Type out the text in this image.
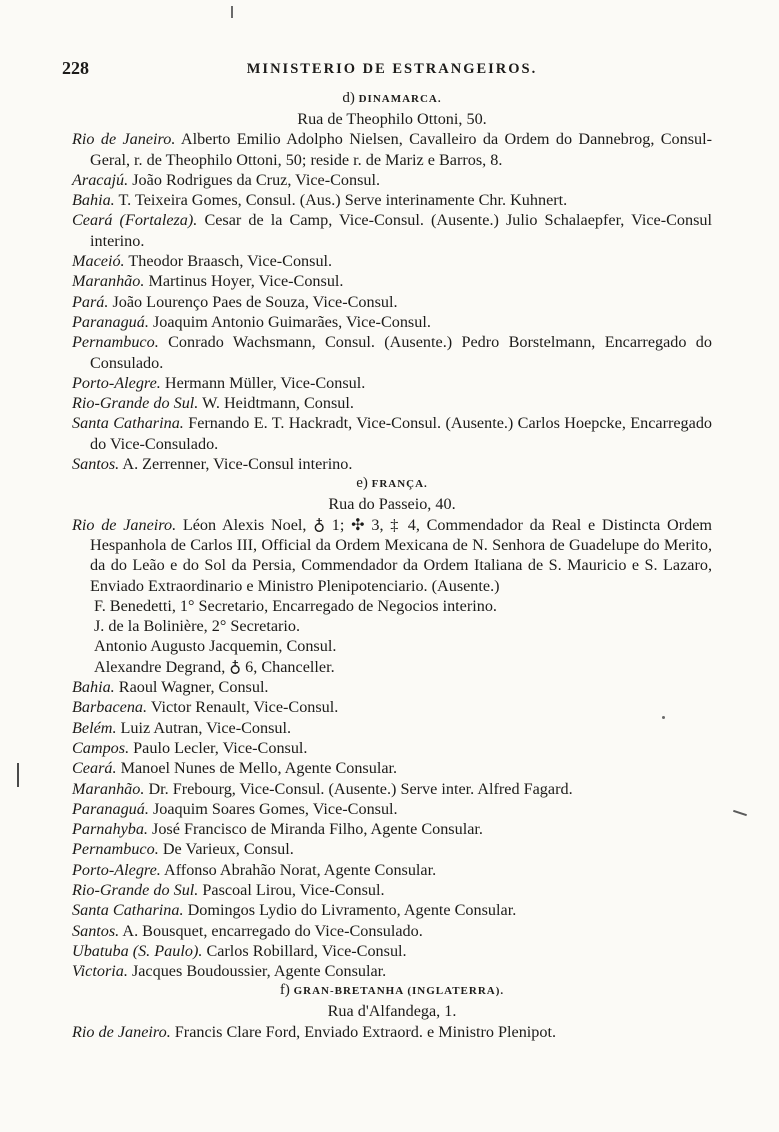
228	MINISTERIO DE ESTRANGEIROS.
d) DINAMARCA.
Rua de Theophilo Ottoni, 50.
Rio de Janeiro. Alberto Emilio Adolpho Nielsen, Cavalleiro da Ordem do Dannebrog, Consul-Geral, r. de Theophilo Ottoni, 50; reside r. de Mariz e Barros, 8.
Aracajú. João Rodrigues da Cruz, Vice-Consul.
Bahia. T. Teixeira Gomes, Consul. (Aus.) Serve interinamente Chr. Kuhnert.
Ceará (Fortaleza). Cesar de la Camp, Vice-Consul. (Ausente.) Julio Schalaepfer, Vice-Consul interino.
Maceió. Theodor Braasch, Vice-Consul.
Maranhão. Martinus Hoyer, Vice-Consul.
Pará. João Lourenço Paes de Souza, Vice-Consul.
Paranaguá. Joaquim Antonio Guimarães, Vice-Consul.
Pernambuco. Conrado Wachsmann, Consul. (Ausente.) Pedro Borstelmann, Encarregado do Consulado.
Porto-Alegre. Hermann Müller, Vice-Consul.
Rio-Grande do Sul. W. Heidtmann, Consul.
Santa Catharina. Fernando E. T. Hackradt, Vice-Consul. (Ausente.) Carlos Hoepcke, Encarregado do Vice-Consulado.
Santos. A. Zerrenner, Vice-Consul interino.
e) FRANÇA.
Rua do Passeio, 40.
Rio de Janeiro. Léon Alexis Noel, ♁ 1; ✣ 3, ‡ 4, Commendador da Real e Distincta Ordem Hespanhola de Carlos III, Official da Ordem Mexicana de N. Senhora de Guadelupe do Merito, da do Leão e do Sol da Persia, Commendador da Ordem Italiana de S. Mauricio e S. Lazaro, Enviado Extraordinario e Ministro Plenipotenciario. (Ausente.)
F. Benedetti, 1° Secretario, Encarregado de Negocios interino.
J. de la Bolinière, 2° Secretario.
Antonio Augusto Jacquemin, Consul.
Alexandre Degrand, ♁ 6, Chanceller.
Bahia. Raoul Wagner, Consul.
Barbacena. Victor Renault, Vice-Consul.
Belém. Luiz Autran, Vice-Consul.
Campos. Paulo Lecler, Vice-Consul.
Ceará. Manoel Nunes de Mello, Agente Consular.
Maranhão. Dr. Frebourg, Vice-Consul. (Ausente.) Serve inter. Alfred Fagard.
Paranaguá. Joaquim Soares Gomes, Vice-Consul.
Parnahyba. José Francisco de Miranda Filho, Agente Consular.
Pernambuco. De Varieux, Consul.
Porto-Alegre. Affonso Abrahão Norat, Agente Consular.
Rio-Grande do Sul. Pascoal Lirou, Vice-Consul.
Santa Catharina. Domingos Lydio do Livramento, Agente Consular.
Santos. A. Bousquet, encarregado do Vice-Consulado.
Ubatuba (S. Paulo). Carlos Robillard, Vice-Consul.
Victoria. Jacques Boudoussier, Agente Consular.
f) GRAN-BRETANHA (INGLATERRA).
Rua d'Alfandega, 1.
Rio de Janeiro. Francis Clare Ford, Enviado Extraord. e Ministro Plenipot.
